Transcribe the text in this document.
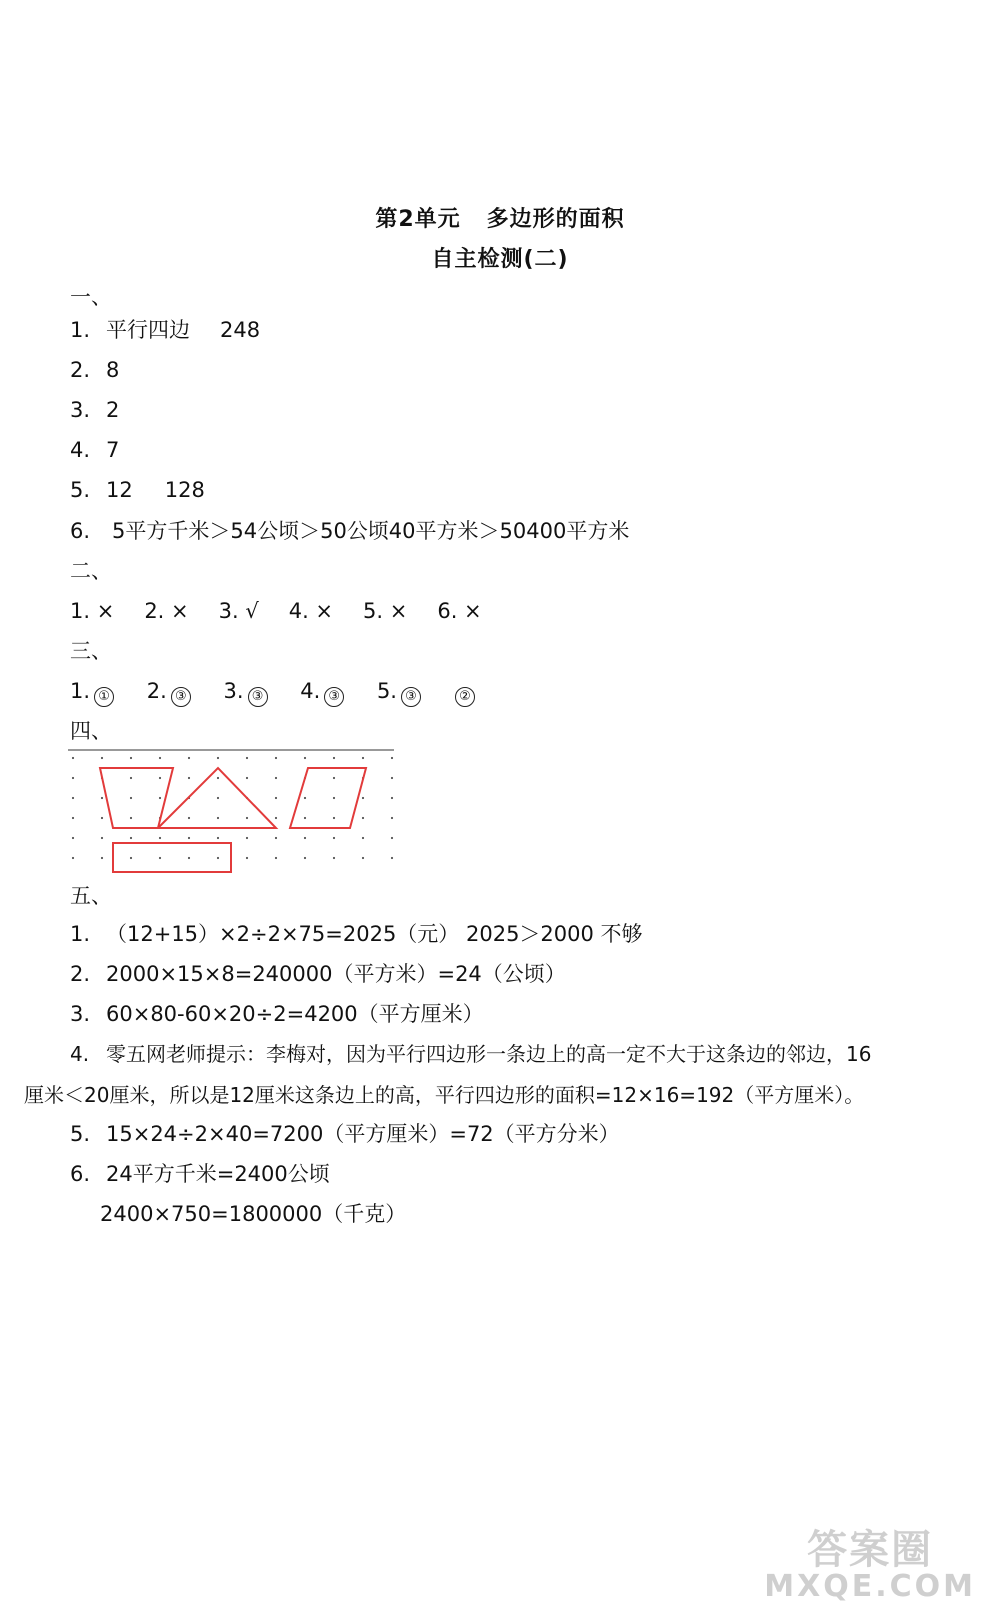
第2单元 多边形的面积
自主检测(二)
一、
1. 平行四边 248
2. 8
3. 2
4. 7
5. 12 128
6. 5平方千米＞54公顷＞50公顷40平方米＞50400平方米
二、
1. × 2. × 3. √ 4. × 5. × 6. ×
三、
1. ① 2. ③ 3. ③ 4. ③ 5. ③	②
四、
五、
1. （12+15）×2÷2×75=2025（元） 2025＞2000 不够
2. 2000×15×8=240000（平方米）=24（公顷）
3. 60×80-60×20÷2=4200（平方厘米）
4. 零五网老师提示：李梅对，因为平行四边形一条边上的高一定不大于这条边的邻边，16
厘米＜20厘米，所以是12厘米这条边上的高，平行四边形的面积=12×16=192（平方厘米）。
5. 15×24÷2×40=7200（平方厘米）=72（平方分米）
6. 24平方千米=2400公顷
2400×750=1800000（千克）
答案圈
MXQE.COM
